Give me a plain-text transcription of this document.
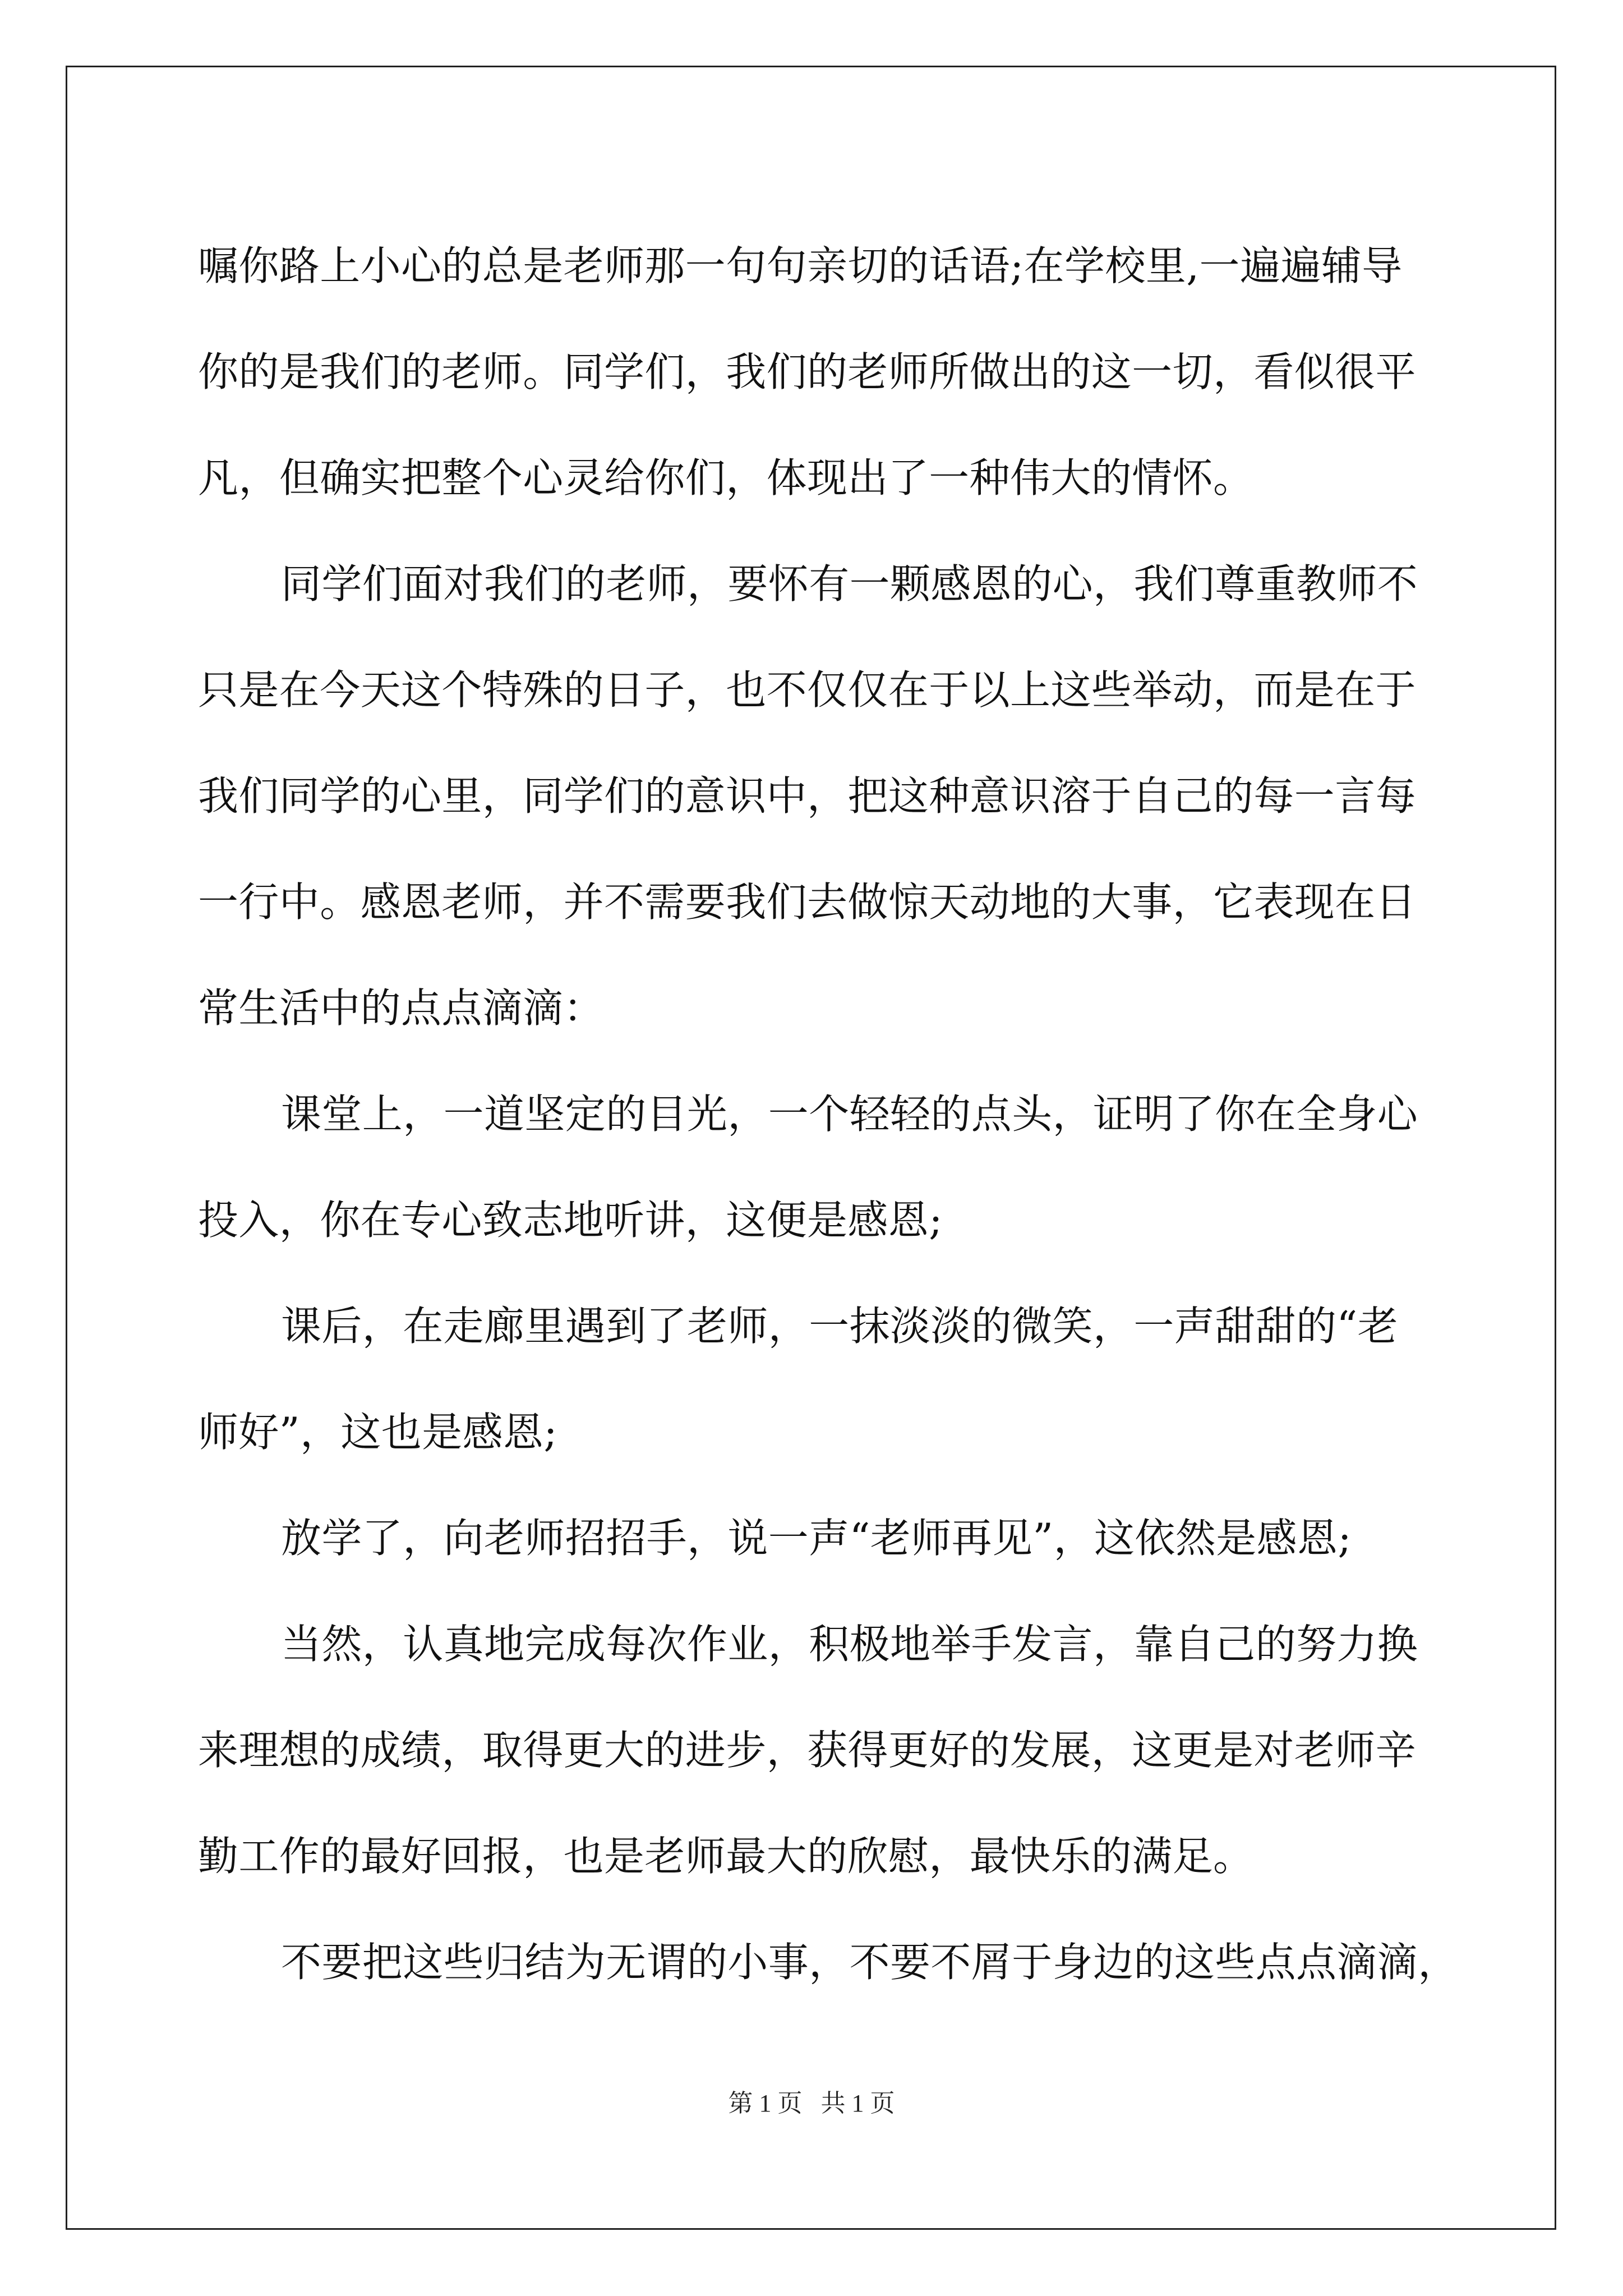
嘱你路上小心的总是老师那一句句亲切的话语;在学校里,一遍遍辅导
你的是我们的老师。同学们，我们的老师所做出的这一切，看似很平
凡，但确实把整个心灵给你们，体现出了一种伟大的情怀。
同学们面对我们的老师，要怀有一颗感恩的心，我们尊重教师不
只是在今天这个特殊的日子，也不仅仅在于以上这些举动，而是在于
我们同学的心里，同学们的意识中，把这种意识溶于自己的每一言每
一行中。感恩老师，并不需要我们去做惊天动地的大事，它表现在日
常生活中的点点滴滴：
课堂上，一道坚定的目光，一个轻轻的点头，证明了你在全身心
投入，你在专心致志地听讲，这便是感恩;
课后，在走廊里遇到了老师，一抹淡淡的微笑，一声甜甜的“老
师好”，这也是感恩;
放学了，向老师招招手，说一声“老师再见”，这依然是感恩;
当然，认真地完成每次作业，积极地举手发言，靠自己的努力换
来理想的成绩，取得更大的进步，获得更好的发展，这更是对老师辛
勤工作的最好回报，也是老师最大的欣慰，最快乐的满足。
不要把这些归结为无谓的小事，不要不屑于身边的这些点点滴滴，
第 1 页   共 1 页
